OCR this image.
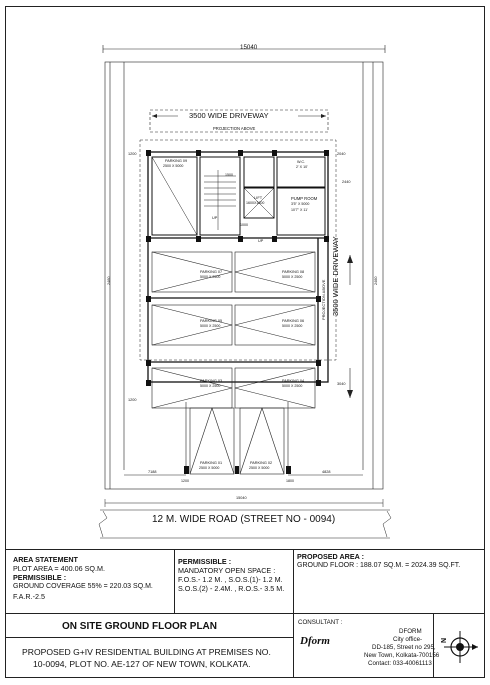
15040
3500 WIDE DRIVEWAY
PROJECTION ABOVE
3500 WIDE DRIVEWAY
PROJECTION ABOVE
PARKING 09
2500 X 5000
PARKING 07
5000 X 2500
PARKING 08
5000 X 2500
PARKING 05
5000 X 2500
PARKING 06
5000 X 2500
PARKING 03
5000 X 2500
PARKING 04
5000 X 2500
PARKING 01
2500 X 5000
PARKING 02
2500 X 5000
LIFT
1600X1800
PUMP ROOM
3'5" X 5000
10'7" X 11'
W.C.
2' X 10'
UP
UP
2460	2460
1200	2040
2440
1500
1000
3040
1200
7188	4828
1200	1800
15040
12 M. WIDE ROAD (STREET NO - 0094)
AREA STATEMENT
PLOT AREA = 400.06 SQ.M.
PERMISSIBLE :
GROUND COVERAGE 55% = 220.03 SQ.M.
F.A.R.-2.5
PERMISSIBLE :
MANDATORY OPEN SPACE :
F.O.S.- 1.2 M. , S.O.S.(1)- 1.2 M.
S.O.S.(2) - 2.4M. , R.O.S.- 3.5 M.
PROPOSED AREA :
GROUND FLOOR : 188.07 SQ.M. = 2024.39 SQ.FT.
ON SITE GROUND FLOOR PLAN
PROPOSED G+IV RESIDENTIAL BUILDING AT PREMISES NO.
10-0094, PLOT NO. AE-127 OF NEW TOWN, KOLKATA.
CONSULTANT :
Dform
DFORM
City office-
DD-185, Street no 295,
New Town, Kolkata-700156
Contact: 033-40061113
N
